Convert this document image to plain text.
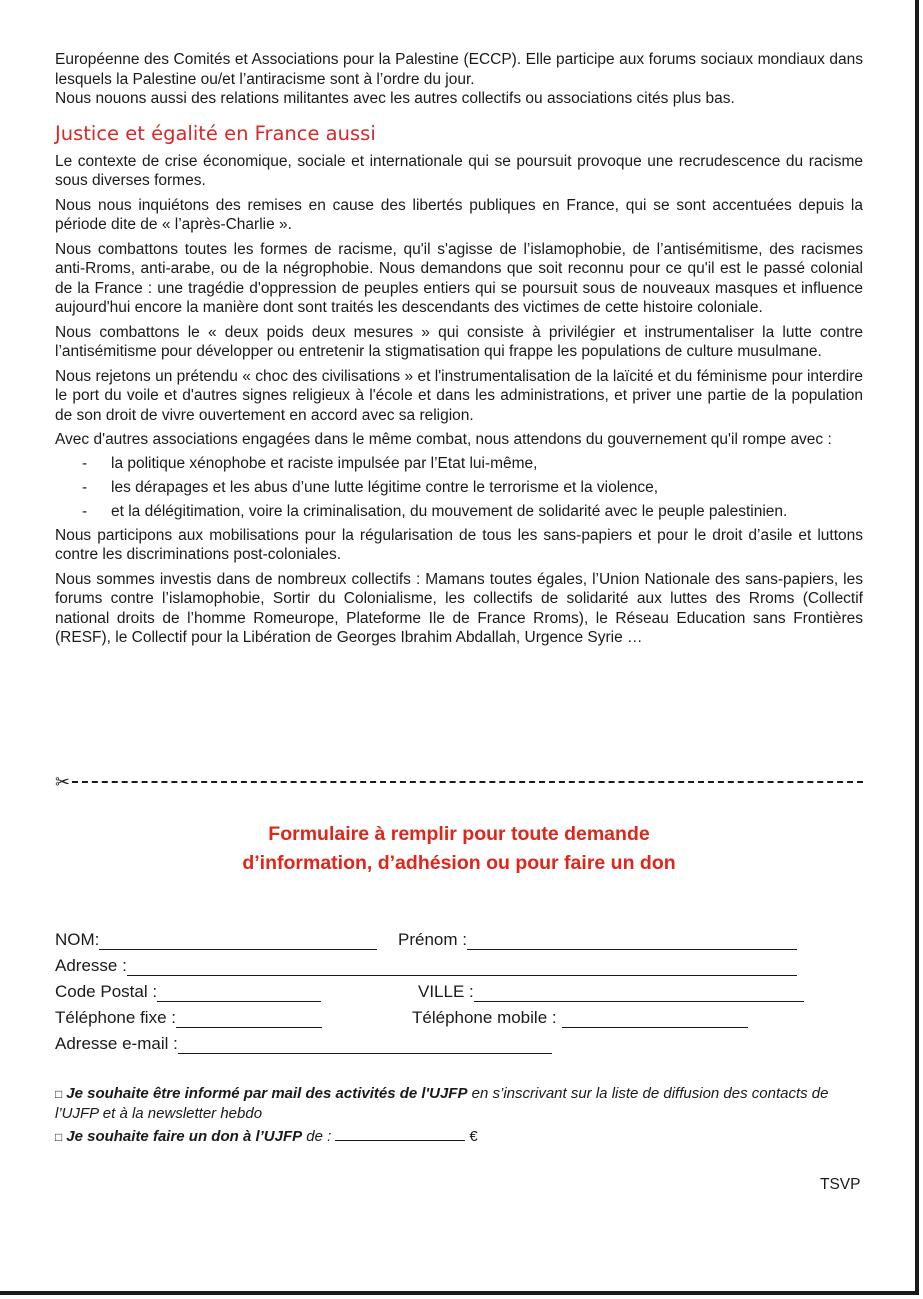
Européenne des Comités et Associations pour la Palestine (ECCP). Elle participe aux forums sociaux mondiaux dans lesquels la Palestine ou/et l’antiracisme sont à l’ordre du jour.

Nous nouons aussi des relations militantes avec les autres collectifs ou associations cités plus bas.

Justice et égalité en France aussi

Le contexte de crise économique, sociale et internationale qui se poursuit provoque une recrudescence du racisme sous diverses formes.

Nous nous inquiétons des remises en cause des libertés publiques en France, qui se sont accentuées depuis la période dite de « l’après-Charlie ».

Nous combattons toutes les formes de racisme, qu'il s'agisse de l’islamophobie, de l’antisémitisme, des racismes anti-Rroms, anti-arabe, ou de la négrophobie. Nous demandons que soit reconnu pour ce qu'il est le passé colonial de la France : une tragédie d'oppression de peuples entiers qui se poursuit sous de nouveaux masques et influence aujourd'hui encore la manière dont sont traités les descendants des victimes de cette histoire coloniale.

Nous combattons le « deux poids deux mesures » qui consiste à privilégier et instrumentaliser la lutte contre l’antisémitisme pour développer ou entretenir la stigmatisation qui frappe les populations de culture musulmane.

Nous rejetons un prétendu « choc des civilisations » et l'instrumentalisation de la laïcité et du féminisme pour interdire le port du voile et d'autres signes religieux à l'école et dans les administrations, et priver une partie de la population de son droit de vivre ouvertement en accord avec sa religion.

Avec d'autres associations engagées dans le même combat, nous attendons du gouvernement qu'il rompe avec :

- la politique xénophobe et raciste impulsée par l’Etat lui-même,
- les dérapages et les abus d’une lutte légitime contre le terrorisme et la violence,
- et la délégitimation, voire la criminalisation, du mouvement de solidarité avec le peuple palestinien.

Nous participons aux mobilisations pour la régularisation de tous les sans-papiers et pour le droit d’asile et luttons contre les discriminations post-coloniales.

Nous sommes investis dans de nombreux collectifs : Mamans toutes égales, l’Union Nationale des sans-papiers, les forums contre l’islamophobie, Sortir du Colonialisme, les collectifs de solidarité aux luttes des Rroms (Collectif national droits de l’homme Romeurope, Plateforme Ile de France Rroms), le Réseau Education sans Frontières (RESF), le Collectif pour la Libération de Georges Ibrahim Abdallah, Urgence Syrie …

✂
Formulaire à remplir pour toute demande
d’information, d’adhésion ou pour faire un don
NOM:	Prénom :
Adresse :
Code Postal :	VILLE :
Téléphone fixe :	Téléphone mobile :
Adresse e-mail :
□ Je souhaite être informé par mail des activités de l'UJFP en s’inscrivant sur la liste de diffusion des contacts de l’UJFP et à la newsletter hebdo
□ Je souhaite faire un don à l’UJFP de :	€
TSVP
